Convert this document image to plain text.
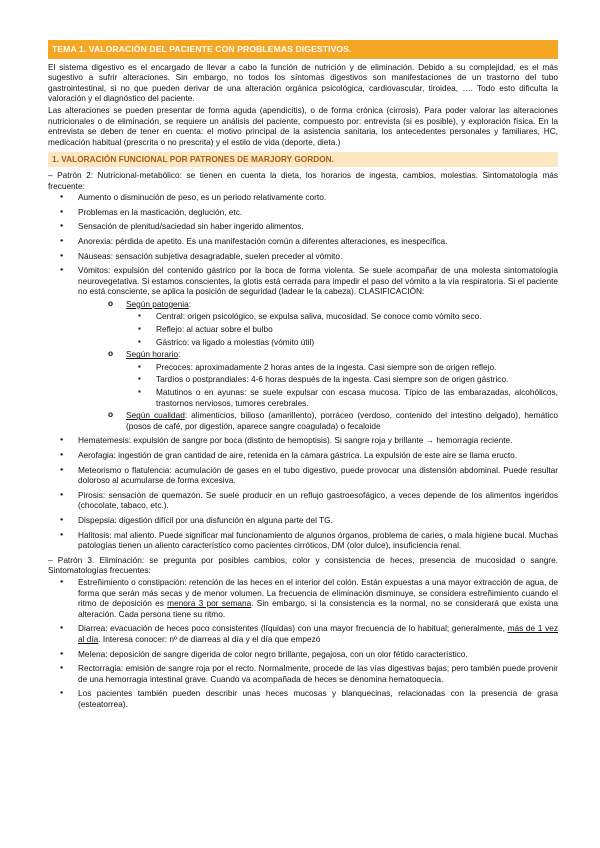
TEMA 1. VALORACIÓN DEL PACIENTE CON PROBLEMAS DIGESTIVOS.

El sistema digestivo es el encargado de llevar a cabo la función de nutrición y de eliminación. Debido a su complejidad, es el más sugestivo a sufrir alteraciones. Sin embargo, no todos los síntomas digestivos son manifestaciones de un trastorno del tubo gastrointestinal, si no que pueden derivar de una alteración orgánica psicológica, cardiovascular, tiroidea, …. Todo esto dificulta la valoración y el diagnóstico del paciente.

Las alteraciones se pueden presentar de forma aguda (apendicitis), o de forma crónica (cirrosis). Para poder valorar las alteraciones nutricionales o de eliminación, se requiere un análisis del paciente, compuesto por: entrevista (si es posible), y exploración física. En la entrevista se deben de tener en cuenta: el motivo principal de la asistencia sanitaria, los antecedentes personales y familiares, HC, medicación habitual (prescrita o no prescrita) y el estilo de vida (deporte, dieta.)

1. VALORACIÓN FUNCIONAL POR PATRONES DE MARJORY GORDON.

– Patrón 2: Nutricional-metabólico: se tienen en cuenta la dieta, los horarios de ingesta, cambios, molestias. Sintomatología más frecuente:

● Aumento o disminución de peso, es un periodo relativamente corto.
● Problemas en la masticación, deglución, etc.
● Sensación de plenitud/saciedad sin haber ingerido alimentos.
● Anorexia: pérdida de apetito. Es una manifestación común a diferentes alteraciones, es inespecífica.
● Náuseas: sensación subjetiva desagradable, suelen preceder al vómito.
● Vómitos: expulsión del contenido gástrico por la boca de forma violenta. Se suele acompañar de una molesta sintomatología neurovegetativa. Si estamos conscientes, la glotis está cerrada para impedir el paso del vómito a la vía respiratoria. Si el paciente no está consciente, se aplica la posición de seguridad (ladear le la cabeza). CLASIFICACIÓN:
o Según patogenia:
▪ Central: origen psicológico, se expulsa saliva, mucosidad. Se conoce como vómito seco.
▪ Reflejo: al actuar sobre el bulbo
▪ Gástrico: va ligado a molestias (vómito útil)
o Según horario:
▪ Precoces: aproximadamente 2 horas antes de la ingesta. Casi siempre son de origen reflejo.
▪ Tardíos o postprandiales: 4-6 horas después de la ingesta. Casi siempre son de origen gástrico.
▪ Matutinos o en ayunas: se suele expulsar con escasa mucosa. Típico de las embarazadas, alcohólicos, trastornos nerviosos, tumores cerebrales.
o Según cualidad: alimenticios, bilioso (amarillento), porráceo (verdoso, contenido del intestino delgado), hemático (posos de café, por digestión, aparece sangre coagulada) o fecaloide
● Hematemesis: expulsión de sangre por boca (distinto de hemoptisis). Si sangre roja y brillante → hemorragia reciente.
● Aerofagia: ingestión de gran cantidad de aire, retenida en la cámara gástrica. La expulsión de este aire se llama eructo.
● Meteorismo o flatulencia: acumulación de gases en el tubo digestivo, puede provocar una distensión abdominal. Puede resultar doloroso al acumularse de forma excesiva.
● Pirosis: sensación de quemazón. Se suele producir en un reflujo gastroesofágico, a veces depende de los alimentos ingeridos (chocolate, tabaco, etc.).
● Dispepsia: digestión difícil por una disfunción en alguna parte del TG.
● Halitosis: mal aliento. Puede significar mal funcionamiento de algunos órganos, problema de caries, o mala higiene bucal. Muchas patologías tienen un aliento característico como pacientes cirróticos, DM (olor dulce), insuficiencia renal.

– Patrón 3. Eliminación: se pregunta por posibles cambios, color y consistencia de heces, presencia de mucosidad o sangre. Sintomatologías frecuentes:

● Estreñimiento o constipación: retención de las heces en el interior del colón. Están expuestas a una mayor extracción de agua, de forma que serán más secas y de menor volumen. La frecuencia de eliminación disminuye, se considera estreñimiento cuando el ritmo de deposición es menora 3 por semana. Sin embargo, si la consistencia es la normal, no se considerará que exista una alteración. Cada persona tiene su ritmo.
● Diarrea: evacuación de heces poco consistentes (líquidas) con una mayor frecuencia de lo habitual; generalmente, más de 1 vez al día. Interesa conocer: nº de diarreas al día y el día que empezó
● Melena: deposición de sangre digerida de color negro brillante, pegajosa, con un olor fétido característico.
● Rectorragia: emisión de sangre roja por el recto. Normalmente, procede de las vías digestivas bajas; pero también puede provenir de una hemorragia intestinal grave. Cuando va acompañada de heces se denomina hematoquecia.
● Los pacientes también pueden describir unas heces mucosas y blanquecinas, relacionadas con la presencia de grasa (esteatorrea).
